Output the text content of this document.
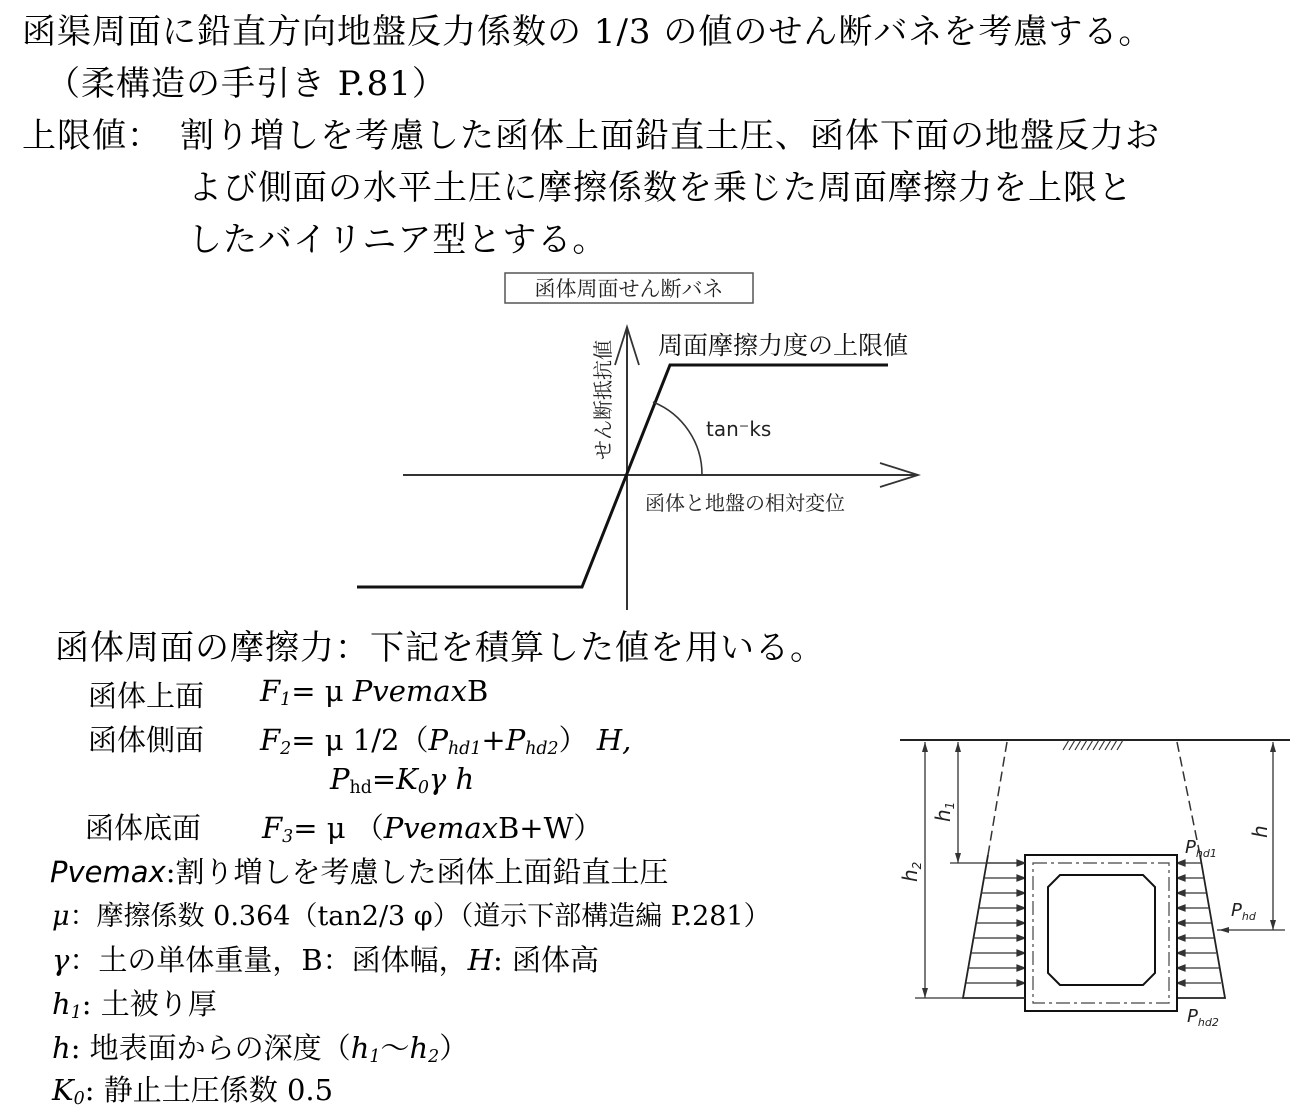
函渠周面に鉛直方向地盤反力係数の 1/3 の値のせん断バネを考慮する。
（柔構造の手引き P.81）
上限値： 割り増しを考慮した函体上面鉛直土圧、函体下面の地盤反力お
よび側面の水平土圧に摩擦係数を乗じた周面摩擦力を上限と
したバイリニア型とする。
函体周面せん断バネ
tan⁻ks
周面摩擦力度の上限値
函体と地盤の相対変位
せん断抵抗値
函体周面の摩擦力：下記を積算した値を用いる。
函体上面 $F_1= \mu$ PvemaxB
函体側面 $F_2= \mu$ $1/2(P_{hd1}+P_{hd2})$ H,
$P_{hd}=K_0\gamma$ h
函体底面 $F_3= \mu$ （PvemaxB+W）
Pvemax:割り増しを考慮した函体上面鉛直土圧
μ：摩擦係数 0.364（tan2/3 φ）（道示下部構造編 P.281）
γ：土の単体重量，B：函体幅，H: 函体高
$h_1$: 土被り厚
h: 地表面からの深度（$h_1$〜$h_2$）
$K_0$: 静止土圧係数 0.5
$h_1$
$h_2$
h
$P_{hd1}$
$P_{hd}$
$P_{hd2}$
